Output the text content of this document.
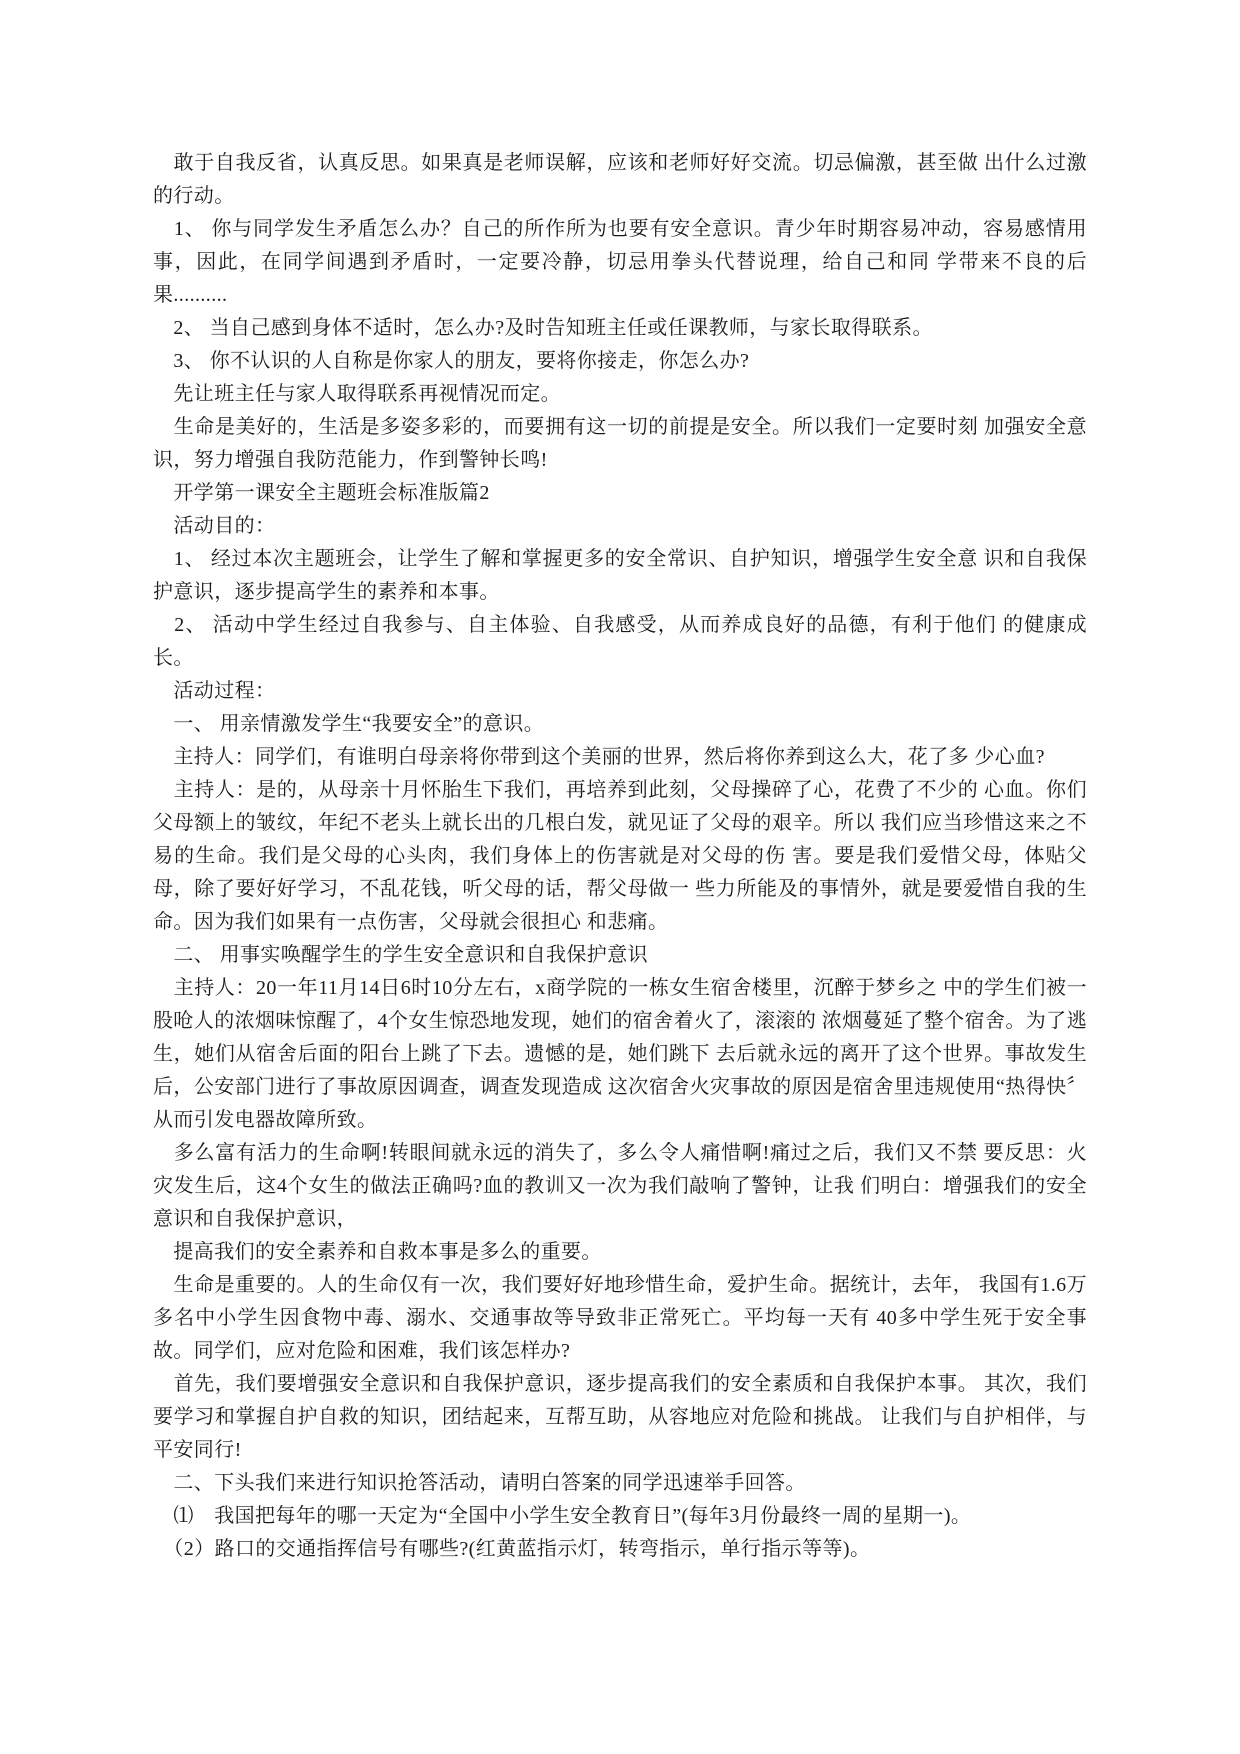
　敢于自我反省，认真反思。如果真是老师误解，应该和老师好好交流。切忌偏激，甚至做 出什么过激的行动。

　1、 你与同学发生矛盾怎么办？自己的所作所为也要有安全意识。青少年时期容易冲动，容易感情用事，因此，在同学间遇到矛盾时，一定要冷静，切忌用拳头代替说理，给自己和同 学带来不良的后果..........

　2、 当自己感到身体不适时，怎么办?及时告知班主任或任课教师，与家长取得联系。

　3、 你不认识的人自称是你家人的朋友，要将你接走，你怎么办?

　先让班主任与家人取得联系再视情况而定。

　生命是美好的，生活是多姿多彩的，而要拥有这一切的前提是安全。所以我们一定要时刻 加强安全意识，努力增强自我防范能力，作到警钟长鸣!

　开学第一课安全主题班会标准版篇2

　活动目的：

　1、 经过本次主题班会，让学生了解和掌握更多的安全常识、自护知识，增强学生安全意 识和自我保护意识，逐步提高学生的素养和本事。

　2、 活动中学生经过自我参与、自主体验、自我感受，从而养成良好的品德，有利于他们 的健康成长。

　活动过程：

　一、 用亲情激发学生“我要安全”的意识。

　主持人：同学们，有谁明白母亲将你带到这个美丽的世界，然后将你养到这么大，花了多 少心血?

　主持人：是的，从母亲十月怀胎生下我们，再培养到此刻，父母操碎了心，花费了不少的 心血。你们父母额上的皱纹，年纪不老头上就长出的几根白发，就见证了父母的艰辛。所以 我们应当珍惜这来之不易的生命。我们是父母的心头肉，我们身体上的伤害就是对父母的伤 害。要是我们爱惜父母，体贴父母，除了要好好学习，不乱花钱，听父母的话，帮父母做一 些力所能及的事情外，就是要爱惜自我的生命。因为我们如果有一点伤害，父母就会很担心 和悲痛。

　二、 用事实唤醒学生的学生安全意识和自我保护意识

　主持人：20一年11月14日6时10分左右，x商学院的一栋女生宿舍楼里，沉醉于梦乡之 中的学生们被一股呛人的浓烟味惊醒了，4个女生惊恐地发现，她们的宿舍着火了，滚滚的 浓烟蔓延了整个宿舍。为了逃生，她们从宿舍后面的阳台上跳了下去。遗憾的是，她们跳下 去后就永远的离开了这个世界。事故发生后，公安部门进行了事故原因调查，调查发现造成 这次宿舍火灾事故的原因是宿舍里违规使用“热得快〞从而引发电器故障所致。

　多么富有活力的生命啊!转眼间就永远的消失了，多么令人痛惜啊!痛过之后，我们又不禁 要反思：火灾发生后，这4个女生的做法正确吗?血的教训又一次为我们敲响了警钟，让我 们明白：增强我们的安全意识和自我保护意识，

　提高我们的安全素养和自救本事是多么的重要。

　生命是重要的。人的生命仅有一次，我们要好好地珍惜生命，爱护生命。据统计，去年， 我国有1.6万多名中小学生因食物中毒、溺水、交通事故等导致非正常死亡。平均每一天有 40多中学生死于安全事故。同学们，应对危险和困难，我们该怎样办?

　首先，我们要增强安全意识和自我保护意识，逐步提高我们的安全素质和自我保护本事。 其次，我们要学习和掌握自护自救的知识，团结起来，互帮互助，从容地应对危险和挑战。 让我们与自护相伴，与平安同行!

　二、下头我们来进行知识抢答活动，请明白答案的同学迅速举手回答。

　⑴　我国把每年的哪一天定为“全国中小学生安全教育日”(每年3月份最终一周的星期一)。

　（2）路口的交通指挥信号有哪些?(红黄蓝指示灯，转弯指示，单行指示等等)。
